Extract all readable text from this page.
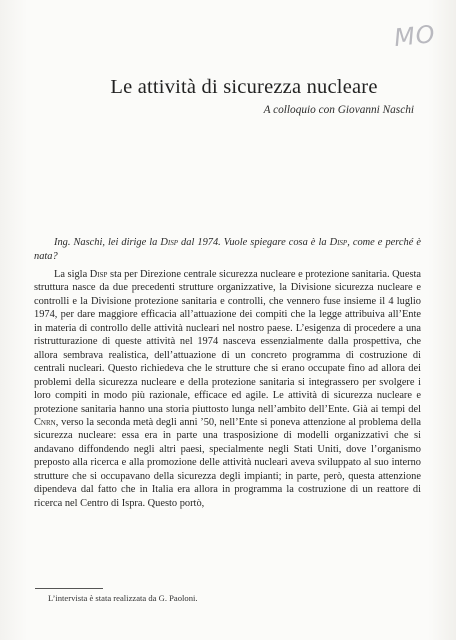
MO
Le attività di sicurezza nucleare
A colloquio con Giovanni Naschi

Ing. Naschi, lei dirige la Disp dal 1974. Vuole spiegare cosa è la Disp, come e perché è nata?

La sigla Disp sta per Direzione centrale sicurezza nucleare e protezione sanitaria. Questa struttura nasce da due precedenti strutture organizzative, la Divisione sicurezza nucleare e controlli e la Divisione protezione sanitaria e controlli, che vennero fuse insieme il 4 luglio 1974, per dare maggiore efficacia all’attuazione dei compiti che la legge attribuiva all’Ente in materia di controllo delle attività nucleari nel nostro paese. L’esigenza di procedere a una ristrutturazione di queste attività nel 1974 nasceva essenzialmente dalla prospettiva, che allora sembrava realistica, dell’attuazione di un concreto programma di costruzione di centrali nucleari. Questo richiedeva che le strutture che si erano occupate fino ad allora dei problemi della sicurezza nucleare e della protezione sanitaria si integrassero per svolgere i loro compiti in modo più razionale, efficace ed agile. Le attività di sicurezza nucleare e protezione sanitaria hanno una storia piuttosto lunga nell’ambito dell’Ente. Già ai tempi del Cnrn, verso la seconda metà degli anni ’50, nell’Ente si poneva attenzione al problema della sicurezza nucleare: essa era in parte una trasposizione di modelli organizzativi che si andavano diffondendo negli altri paesi, specialmente negli Stati Uniti, dove l’organismo preposto alla ricerca e alla promozione delle attività nucleari aveva sviluppato al suo interno strutture che si occupavano della sicurezza degli impianti; in parte, però, questa attenzione dipendeva dal fatto che in Italia era allora in programma la costruzione di un reattore di ricerca nel Centro di Ispra. Questo portò,

L’intervista è stata realizzata da G. Paoloni.
